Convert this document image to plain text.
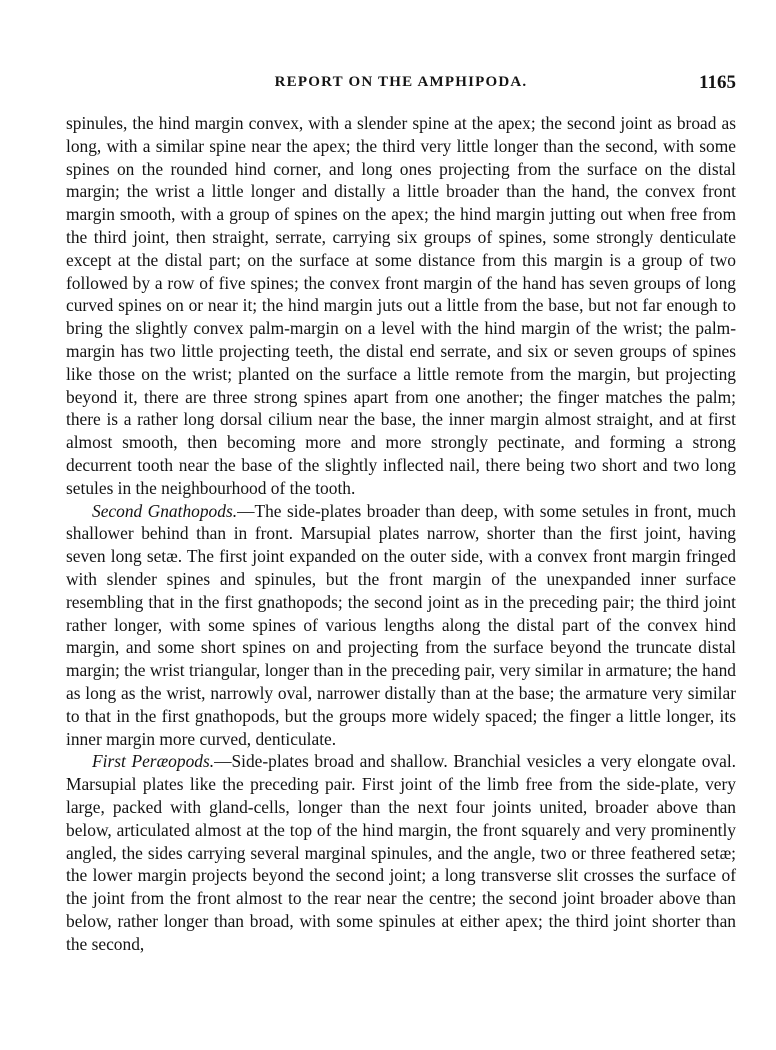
REPORT ON THE AMPHIPODA.	1165

spinules, the hind margin convex, with a slender spine at the apex; the second joint as broad as long, with a similar spine near the apex; the third very little longer than the second, with some spines on the rounded hind corner, and long ones projecting from the surface on the distal margin; the wrist a little longer and distally a little broader than the hand, the convex front margin smooth, with a group of spines on the apex; the hind margin jutting out when free from the third joint, then straight, serrate, carrying six groups of spines, some strongly denticulate except at the distal part; on the surface at some distance from this margin is a group of two followed by a row of five spines; the convex front margin of the hand has seven groups of long curved spines on or near it; the hind margin juts out a little from the base, but not far enough to bring the slightly convex palm-margin on a level with the hind margin of the wrist; the palm-margin has two little projecting teeth, the distal end serrate, and six or seven groups of spines like those on the wrist; planted on the surface a little remote from the margin, but projecting beyond it, there are three strong spines apart from one another; the finger matches the palm; there is a rather long dorsal cilium near the base, the inner margin almost straight, and at first almost smooth, then becoming more and more strongly pectinate, and forming a strong decurrent tooth near the base of the slightly inflected nail, there being two short and two long setules in the neighbourhood of the tooth.

Second Gnathopods.—The side-plates broader than deep, with some setules in front, much shallower behind than in front. Marsupial plates narrow, shorter than the first joint, having seven long setæ. The first joint expanded on the outer side, with a convex front margin fringed with slender spines and spinules, but the front margin of the unexpanded inner surface resembling that in the first gnathopods; the second joint as in the preceding pair; the third joint rather longer, with some spines of various lengths along the distal part of the convex hind margin, and some short spines on and projecting from the surface beyond the truncate distal margin; the wrist triangular, longer than in the preceding pair, very similar in armature; the hand as long as the wrist, narrowly oval, narrower distally than at the base; the armature very similar to that in the first gnathopods, but the groups more widely spaced; the finger a little longer, its inner margin more curved, denticulate.

First Peræopods.—Side-plates broad and shallow. Branchial vesicles a very elongate oval. Marsupial plates like the preceding pair. First joint of the limb free from the side-plate, very large, packed with gland-cells, longer than the next four joints united, broader above than below, articulated almost at the top of the hind margin, the front squarely and very prominently angled, the sides carrying several marginal spinules, and the angle, two or three feathered setæ; the lower margin projects beyond the second joint; a long transverse slit crosses the surface of the joint from the front almost to the rear near the centre; the second joint broader above than below, rather longer than broad, with some spinules at either apex; the third joint shorter than the second,
